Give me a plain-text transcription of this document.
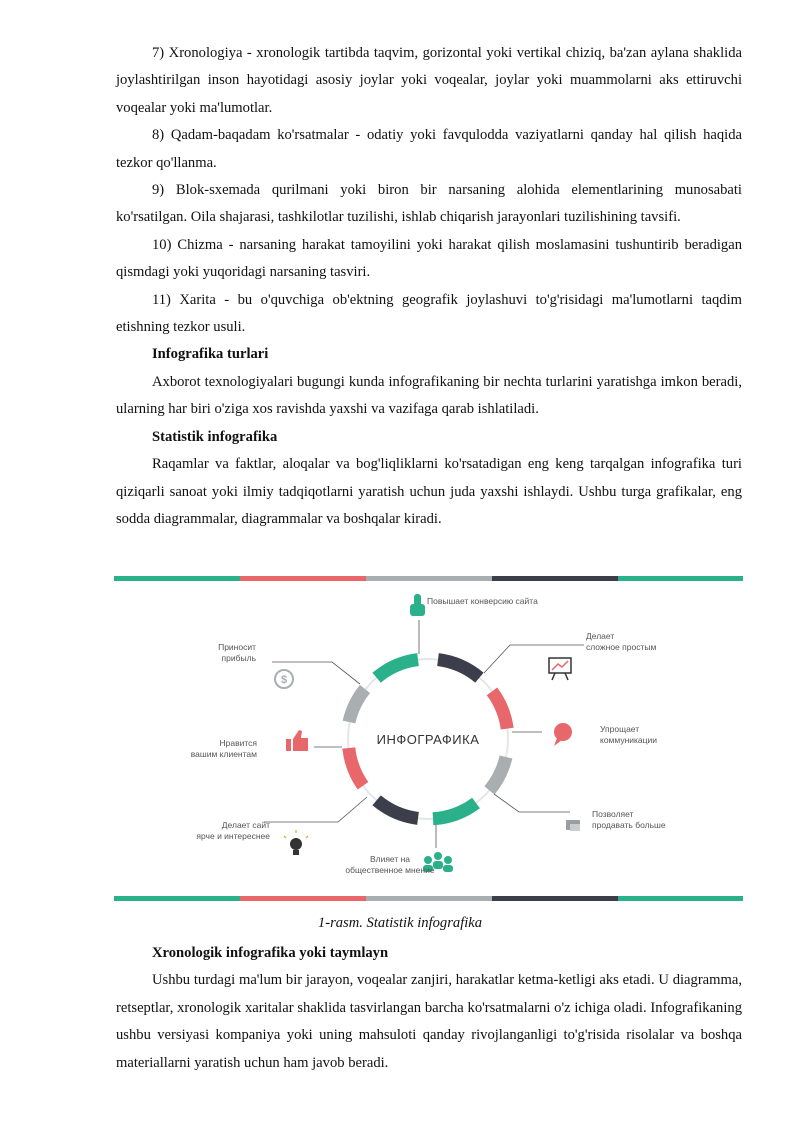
7) Xronologiya - xronologik tartibda taqvim, gorizontal yoki vertikal chiziq, ba'zan aylana shaklida joylashtirilgan inson hayotidagi asosiy joylar yoki voqealar, joylar yoki muammolarni aks ettiruvchi voqealar yoki ma'lumotlar.

8) Qadam-baqadam ko'rsatmalar - odatiy yoki favqulodda vaziyatlarni qanday hal qilish haqida tezkor qo'llanma.

9) Blok-sxemada qurilmani yoki biron bir narsaning alohida elementlarining munosabati ko'rsatilgan. Oila shajarasi, tashkilotlar tuzilishi, ishlab chiqarish jarayonlari tuzilishining tavsifi.

10) Chizma - narsaning harakat tamoyilini yoki harakat qilish moslamasini tushuntirib beradigan qismdagi yoki yuqoridagi narsaning tasviri.

11) Xarita - bu o'quvchiga ob'ektning geografik joylashuvi to'g'risidagi ma'lumotlarni taqdim etishning tezkor usuli.

Infografika turlari

Axborot texnologiyalari bugungi kunda infografikaning bir nechta turlarini yaratishga imkon beradi, ularning har biri o'ziga xos ravishda yaxshi va vazifaga qarab ishlatiladi.

Statistik infografika

Raqamlar va faktlar, aloqalar va bog'liqliklarni ko'rsatadigan eng keng tarqalgan infografika turi qiziqarli sanoat yoki ilmiy tadqiqotlarni yaratish uchun juda yaxshi ishlaydi. Ushbu turga grafikalar, eng sodda diagrammalar, diagrammalar va boshqalar kiradi.

ИНФОГРАФИКА
$
Повышает конверсию сайта
Делает
сложное простым
Упрощает
коммуникации
Позволяет
продавать больше
Влияет на
общественное мнение
Делает сайт
ярче и интереснее
Нравится
вашим клиентам
Приносит
прибыль
1-rasm. Statistik infografika

Xronologik infografika yoki taymlayn

Ushbu turdagi ma'lum bir jarayon, voqealar zanjiri, harakatlar ketma-ketligi aks etadi. U diagramma, retseptlar, xronologik xaritalar shaklida tasvirlangan barcha ko'rsatmalarni o'z ichiga oladi. Infografikaning ushbu versiyasi kompaniya yoki uning mahsuloti qanday rivojlanganligi to'g'risida risolalar va boshqa materiallarni yaratish uchun ham javob beradi.
